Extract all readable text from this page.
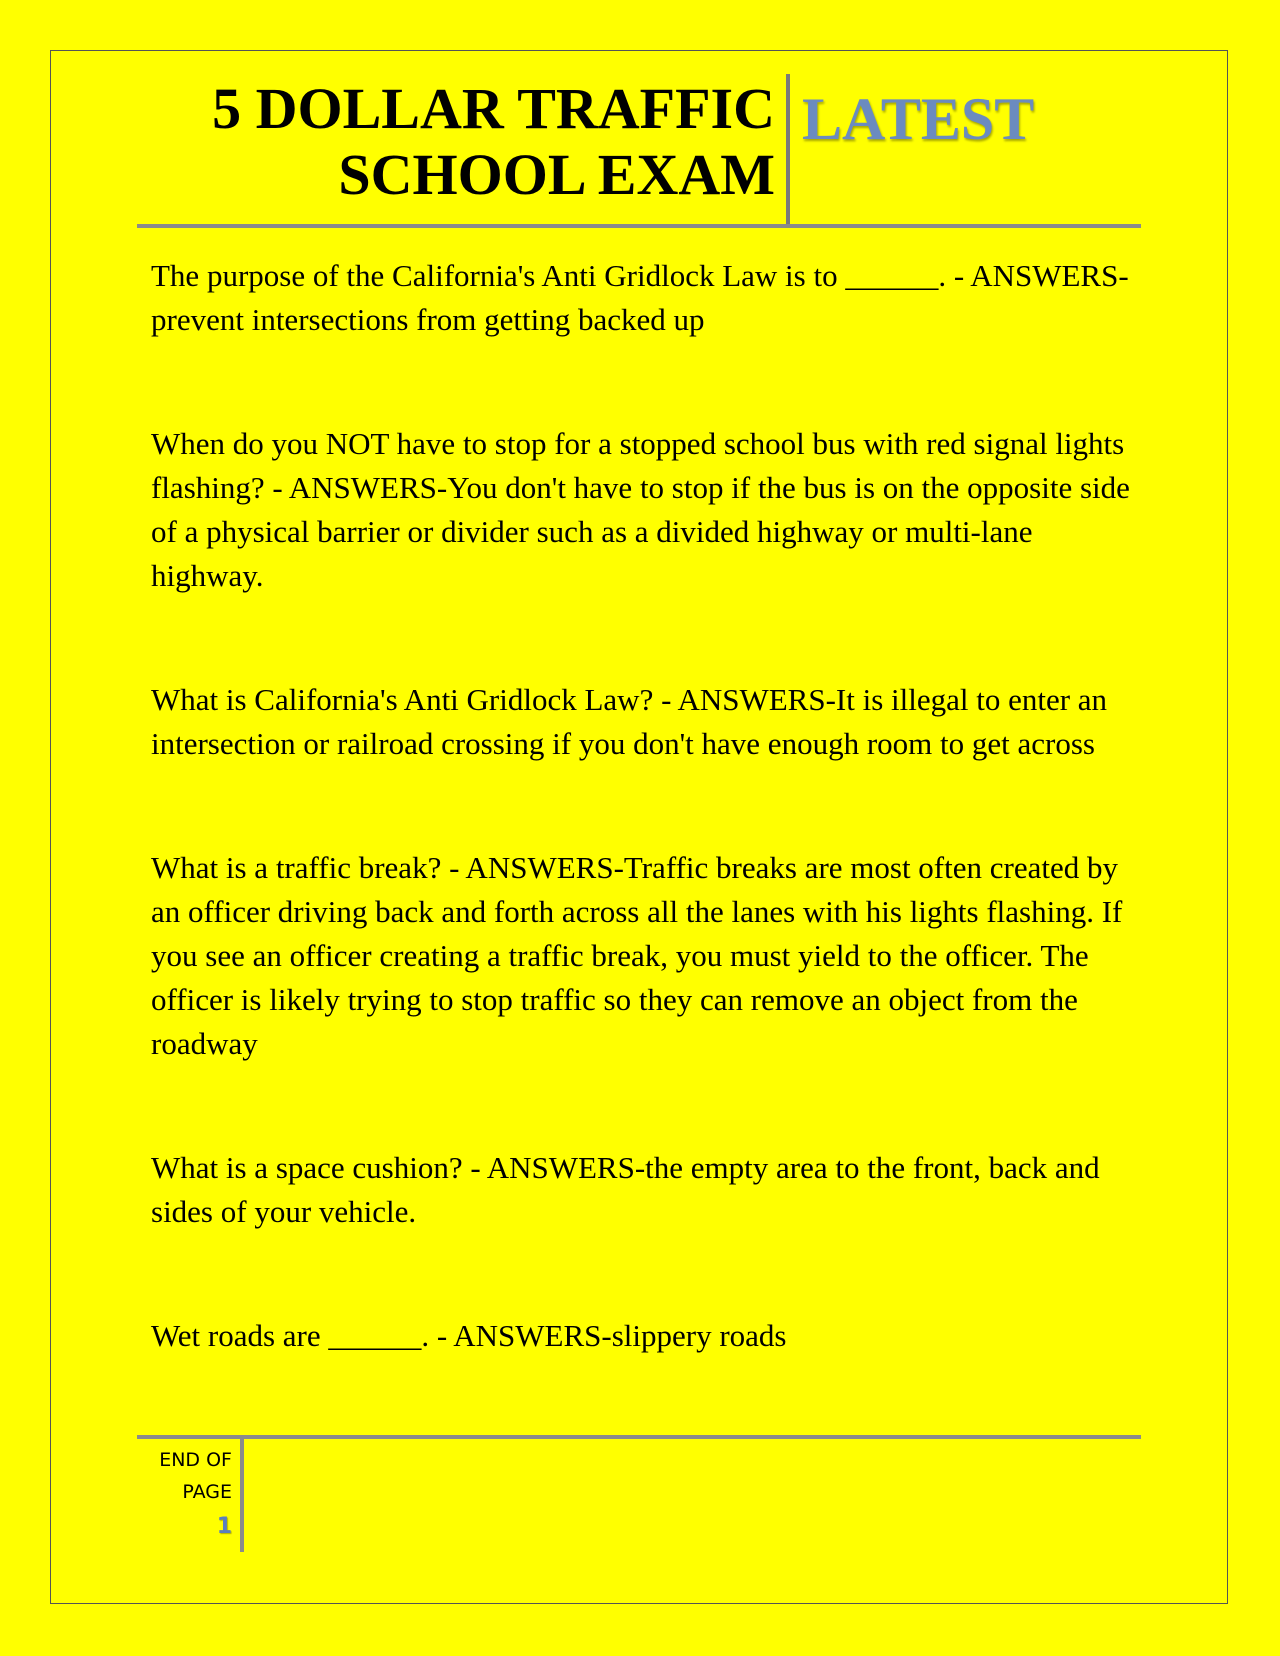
5 DOLLAR TRAFFIC
SCHOOL EXAM
LATEST
The purpose of the California's Anti Gridlock Law is to ______. - ANSWERS-prevent intersections from getting backed up
When do you NOT have to stop for a stopped school bus with red signal lights flashing? - ANSWERS-You don't have to stop if the bus is on the opposite side of a physical barrier or divider such as a divided highway or multi-lane highway.
What is California's Anti Gridlock Law? - ANSWERS-It is illegal to enter an intersection or railroad crossing if you don't have enough room to get across
What is a traffic break? - ANSWERS-Traffic breaks are most often created by an officer driving back and forth across all the lanes with his lights flashing. If you see an officer creating a traffic break, you must yield to the officer. The officer is likely trying to stop traffic so they can remove an object from the roadway
What is a space cushion? - ANSWERS-the empty area to the front, back and sides of your vehicle.
Wet roads are ______. - ANSWERS-slippery roads
END OF
PAGE
1
